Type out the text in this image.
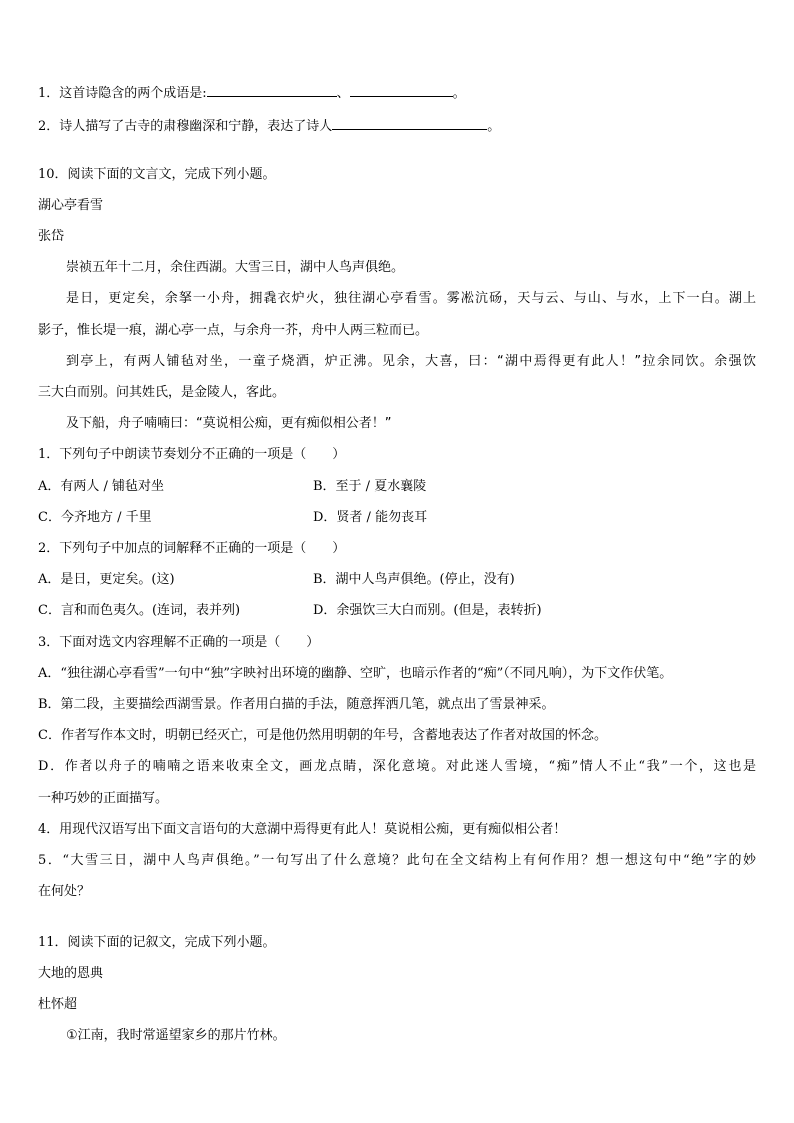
1．这首诗隐含的两个成语是:	、	。
2．诗人描写了古寺的肃穆幽深和宁静，表达了诗人	。
10．阅读下面的文言文，完成下列小题。
湖心亭看雪
张岱
崇祯五年十二月，余住西湖。大雪三日，湖中人鸟声俱绝。
是日，更定矣，余拏一小舟，拥毳衣炉火，独往湖心亭看雪。雾凇沆砀，天与云、与山、与水，上下一白。湖上
影子，惟长堤一痕，湖心亭一点，与余舟一芥，舟中人两三粒而已。
到亭上，有两人铺毡对坐，一童子烧酒，炉正沸。见余，大喜，曰：“湖中焉得更有此人！”拉余同饮。余强饮
三大白而别。问其姓氏，是金陵人，客此。
及下船，舟子喃喃曰：“莫说相公痴，更有痴似相公者！”
1．下列句子中朗读节奏划分不正确的一项是（　　）
A．有两人 / 铺毡对坐	B．至于 / 夏水襄陵
C．今齐地方 / 千里	D．贤者 / 能勿丧耳
2．下列句子中加点的词解释不正确的一项是（　　）
A．是日，更定矣。(这)	B．湖中人鸟声俱绝。(停止，没有)
C．言和而色夷久。(连词，表并列)	D．余强饮三大白而别。(但是，表转折)
3．下面对选文内容理解不正确的一项是（　　）
A．“独往湖心亭看雪”一句中“独”字映衬出环境的幽静、空旷，也暗示作者的“痴”（不同凡响），为下文作伏笔。
B．第二段，主要描绘西湖雪景。作者用白描的手法，随意挥洒几笔，就点出了雪景神采。
C．作者写作本文时，明朝已经灭亡，可是他仍然用明朝的年号，含蓄地表达了作者对故国的怀念。
D．作者以舟子的喃喃之语来收束全文，画龙点睛，深化意境。对此迷人雪境，“痴”情人不止“我”一个，这也是
一种巧妙的正面描写。
4．用现代汉语写出下面文言语句的大意湖中焉得更有此人！莫说相公痴，更有痴似相公者！
5．“大雪三日，湖中人鸟声俱绝。”一句写出了什么意境？此句在全文结构上有何作用？想一想这句中“绝”字的妙
在何处？
11．阅读下面的记叙文，完成下列小题。
大地的恩典
杜怀超
①江南，我时常遥望家乡的那片竹林。
